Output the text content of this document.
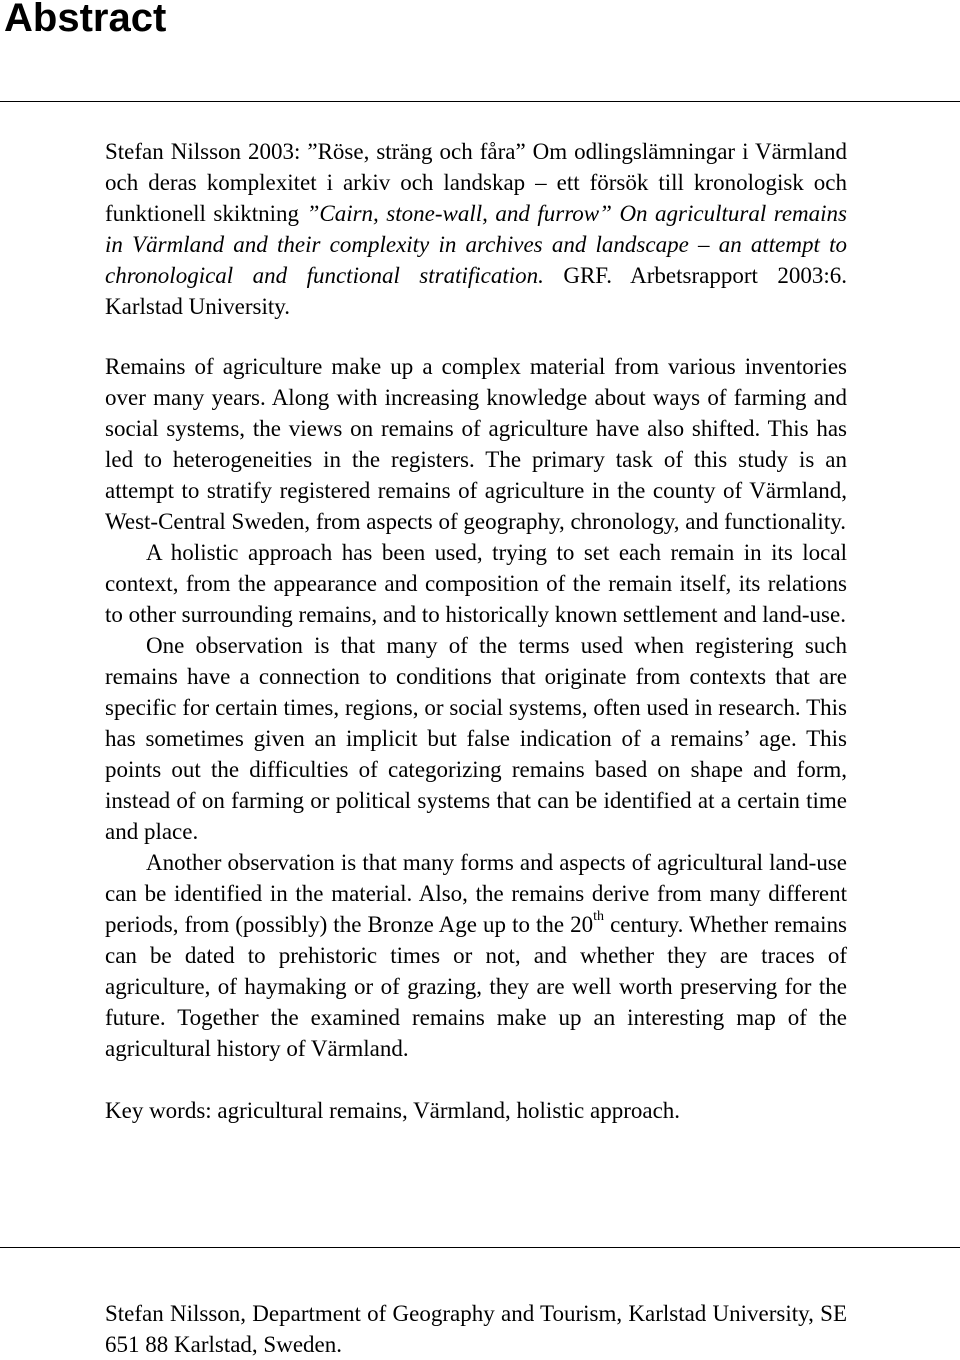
Abstract

Stefan Nilsson 2003: ”Röse, sträng och fåra” Om odlingslämningar i Värmland och deras komplexitet i arkiv och landskap – ett försök till kronologisk och funktionell skiktning ”Cairn, stone-wall, and furrow” On agricultural remains in Värmland and their complexity in archives and landscape – an attempt to chronological and functional stratification. GRF. Arbetsrapport 2003:6. Karlstad University.

Remains of agriculture make up a complex material from various inventories over many years. Along with increasing knowledge about ways of farming and social systems, the views on remains of agriculture have also shifted. This has led to heterogeneities in the registers. The primary task of this study is an attempt to stratify registered remains of agriculture in the county of Värmland, West-Central Sweden, from aspects of geography, chronology, and functionality.

A holistic approach has been used, trying to set each remain in its local context, from the appearance and composition of the remain itself, its relations to other surrounding remains, and to historically known settlement and land-use.

One observation is that many of the terms used when registering such remains have a connection to conditions that originate from contexts that are specific for certain times, regions, or social systems, often used in research. This has sometimes given an implicit but false indication of a remains’ age. This points out the difficulties of categorizing remains based on shape and form, instead of on farming or political systems that can be identified at a certain time and place.

Another observation is that many forms and aspects of agricultural land-use can be identified in the material. Also, the remains derive from many different periods, from (possibly) the Bronze Age up to the 20th century. Whether remains can be dated to prehistoric times or not, and whether they are traces of agriculture, of haymaking or of grazing, they are well worth preserving for the future. Together the examined remains make up an interesting map of the agricultural history of Värmland.

Key words: agricultural remains, Värmland, holistic approach.

Stefan Nilsson, Department of Geography and Tourism, Karlstad University, SE 651 88 Karlstad, Sweden.
